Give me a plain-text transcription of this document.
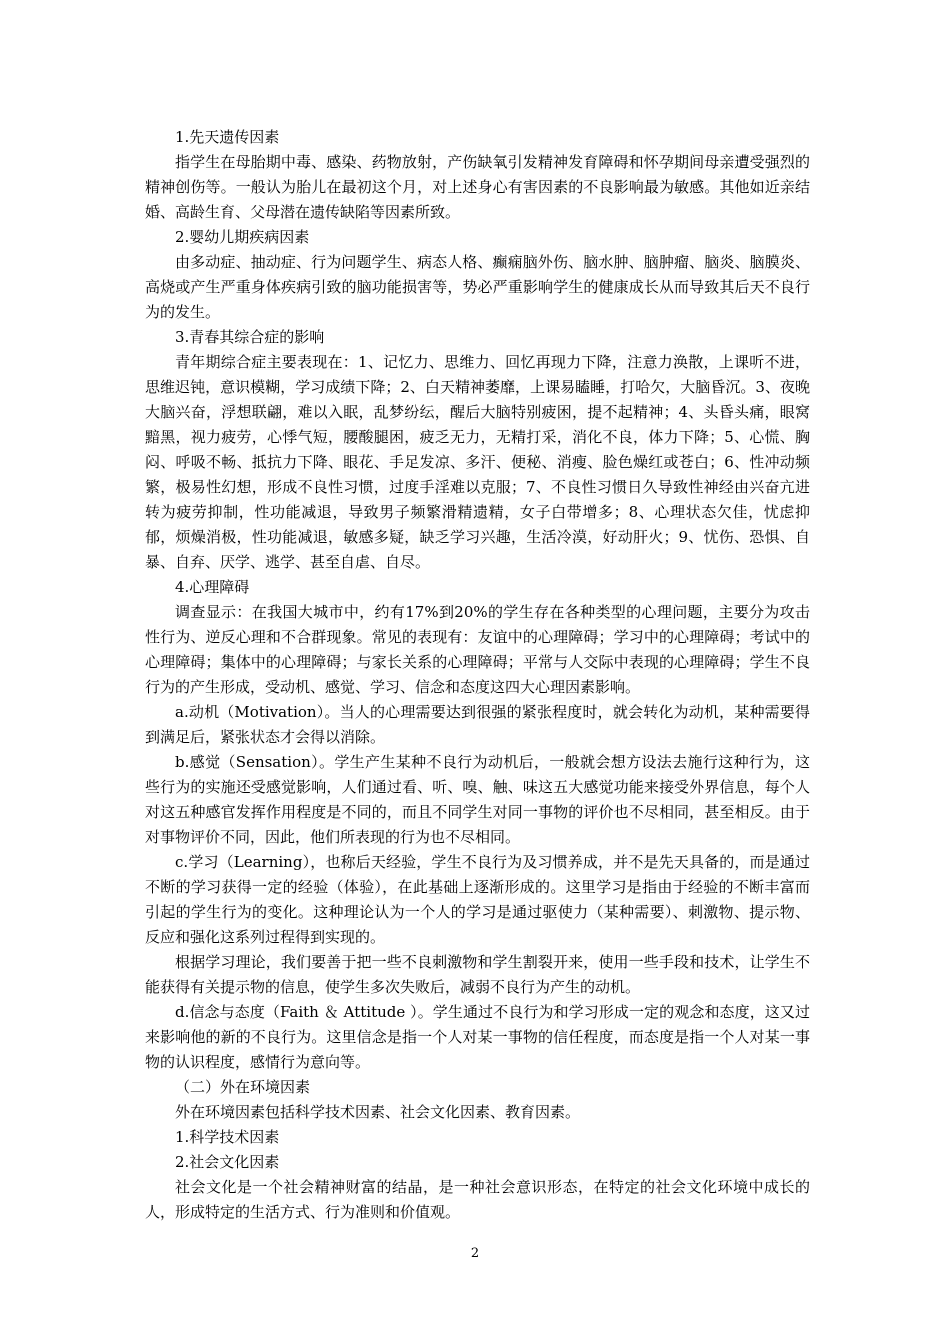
1.先天遗传因素

指学生在母胎期中毒、感染、药物放射，产伤缺氧引发精神发育障碍和怀孕期间母亲遭受强烈的精神创伤等。一般认为胎儿在最初这个月，对上述身心有害因素的不良影响最为敏感。其他如近亲结婚、高龄生育、父母潜在遗传缺陷等因素所致。

2.婴幼儿期疾病因素

由多动症、抽动症、行为问题学生、病态人格、癫痫脑外伤、脑水肿、脑肿瘤、脑炎、脑膜炎、高烧或产生严重身体疾病引致的脑功能损害等，势必严重影响学生的健康成长从而导致其后天不良行为的发生。

3.青春其综合症的影响

青年期综合症主要表现在：1、记忆力、思维力、回忆再现力下降，注意力涣散，上课听不进，思维迟钝，意识模糊，学习成绩下降；2、白天精神萎靡，上课易瞌睡，打哈欠，大脑昏沉。3、夜晚大脑兴奋，浮想联翩，难以入眠，乱梦纷纭，醒后大脑特别疲困，提不起精神；4、头昏头痛，眼窝黯黑，视力疲劳，心悸气短，腰酸腿困，疲乏无力，无精打采，消化不良，体力下降；5、心慌、胸闷、呼吸不畅、抵抗力下降、眼花、手足发凉、多汗、便秘、消瘦、脸色燥红或苍白；6、性冲动频繁，极易性幻想，形成不良性习惯，过度手淫难以克服；7、不良性习惯日久导致性神经由兴奋亢进转为疲劳抑制，性功能减退，导致男子频繁滑精遗精，女子白带增多；8、心理状态欠佳，忧虑抑郁，烦燥消极，性功能减退，敏感多疑，缺乏学习兴趣，生活冷漠，好动肝火；9、忧伤、恐惧、自暴、自弃、厌学、逃学、甚至自虐、自尽。

4.心理障碍

调查显示：在我国大城市中，约有17%到20%的学生存在各种类型的心理问题，主要分为攻击性行为、逆反心理和不合群现象。常见的表现有：友谊中的心理障碍；学习中的心理障碍；考试中的心理障碍；集体中的心理障碍；与家长关系的心理障碍；平常与人交际中表现的心理障碍；学生不良行为的产生形成，受动机、感觉、学习、信念和态度这四大心理因素影响。

a.动机（Motivation）。当人的心理需要达到很强的紧张程度时，就会转化为动机，某种需要得到满足后，紧张状态才会得以消除。

b.感觉（Sensation）。学生产生某种不良行为动机后，一般就会想方设法去施行这种行为，这些行为的实施还受感觉影响，人们通过看、听、嗅、触、味这五大感觉功能来接受外界信息，每个人对这五种感官发挥作用程度是不同的，而且不同学生对同一事物的评价也不尽相同，甚至相反。由于对事物评价不同，因此，他们所表现的行为也不尽相同。

c.学习（Learning），也称后天经验，学生不良行为及习惯养成，并不是先天具备的，而是通过不断的学习获得一定的经验（体验），在此基础上逐渐形成的。这里学习是指由于经验的不断丰富而引起的学生行为的变化。这种理论认为一个人的学习是通过驱使力（某种需要）、刺激物、提示物、反应和强化这系列过程得到实现的。

根据学习理论，我们要善于把一些不良刺激物和学生割裂开来，使用一些手段和技术，让学生不能获得有关提示物的信息，使学生多次失败后，减弱不良行为产生的动机。

d.信念与态度（Faith ＆ Attitude ）。学生通过不良行为和学习形成一定的观念和态度，这又过来影响他的新的不良行为。这里信念是指一个人对某一事物的信任程度，而态度是指一个人对某一事物的认识程度，感情行为意向等。

（二）外在环境因素

外在环境因素包括科学技术因素、社会文化因素、教育因素。

1.科学技术因素

2.社会文化因素

社会文化是一个社会精神财富的结晶，是一种社会意识形态，在特定的社会文化环境中成长的人，形成特定的生活方式、行为准则和价值观。

2
